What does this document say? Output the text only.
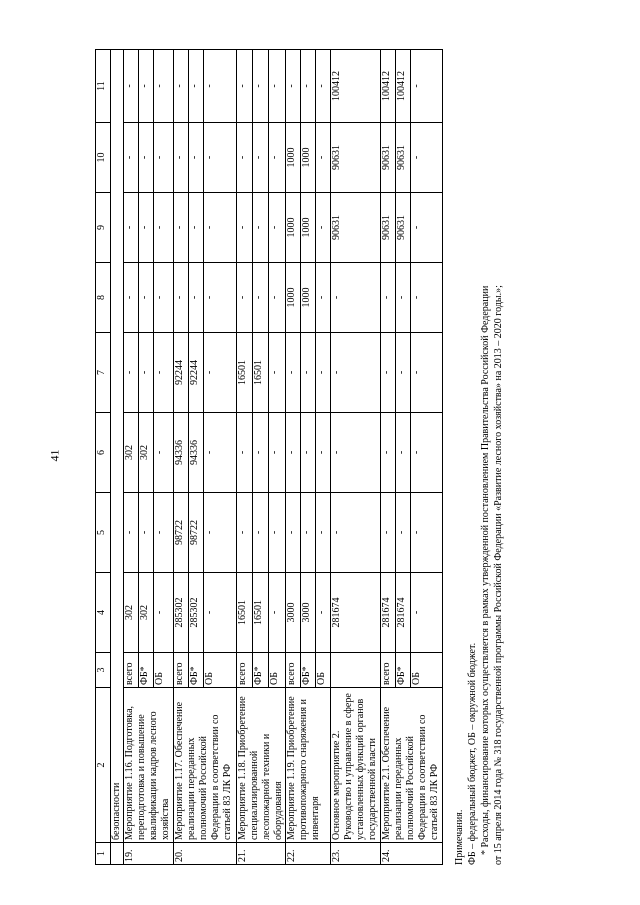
41
1	2	3	4	5	6	7	8	9	10	11
	безопасности									
19.	Мероприятие 1.16. Подготовка, переподготовка и повышение квалификации кадров лесного хозяйства	всего	302	-	302	-	-	-	-	-
		ФБ*	302	-	302	-	-	-	-	-
		ОБ	-	-	-	-	-	-	-	-
20.	Мероприятие 1.17. Обеспечение реализации переданных полномочий Российской Федерации в соответствии со статьей 83 ЛК РФ	всего	285302	98722	94336	92244	-	-	-	-
		ФБ*	285302	98722	94336	92244	-	-	-	-
		ОБ	-	-	-	-	-	-	-	-
21.	Мероприятие 1.18. Приобретение специализированной лесопожарной техники и оборудования	всего	16501	-	-	16501	-	-	-	-
		ФБ*	16501	-	-	16501	-	-	-	-
		ОБ	-	-	-	-	-	-	-	-
22.	Мероприятие 1.19. Приобретение противопожарного снаряжения и инвентаря	всего	3000	-	-	-	1000	1000	1000	-
		ФБ*	3000	-	-	-	1000	1000	1000	-
		ОБ	-	-	-	-	-	-	-	-
23.	Основное мероприятие 2. Руководство и управление в сфере установленных функций органов государственной власти		281674	-	-	-	-	90631	90631	100412
24.	Мероприятие 2.1. Обеспечение реализации переданных полномочий Российской Федерации в соответствии со статьей 83 ЛК РФ	всего	281674	-	-	-	-	90631	90631	100412
		ФБ*	281674	-	-	-	-	90631	90631	100412
		ОБ	-	-	-	-	-	-	-	-
Примечания. ФБ – федеральный бюджет, ОБ – окружной бюджет. * Расходы, финансирование которых осуществляется в рамках утвержденной постановлением Правительства Российской Федерации от 15 апреля 2014 года № 318 государственной программы Российской Федерации «Развитие лесного хозяйства» на 2013 – 2020 годы.»;
